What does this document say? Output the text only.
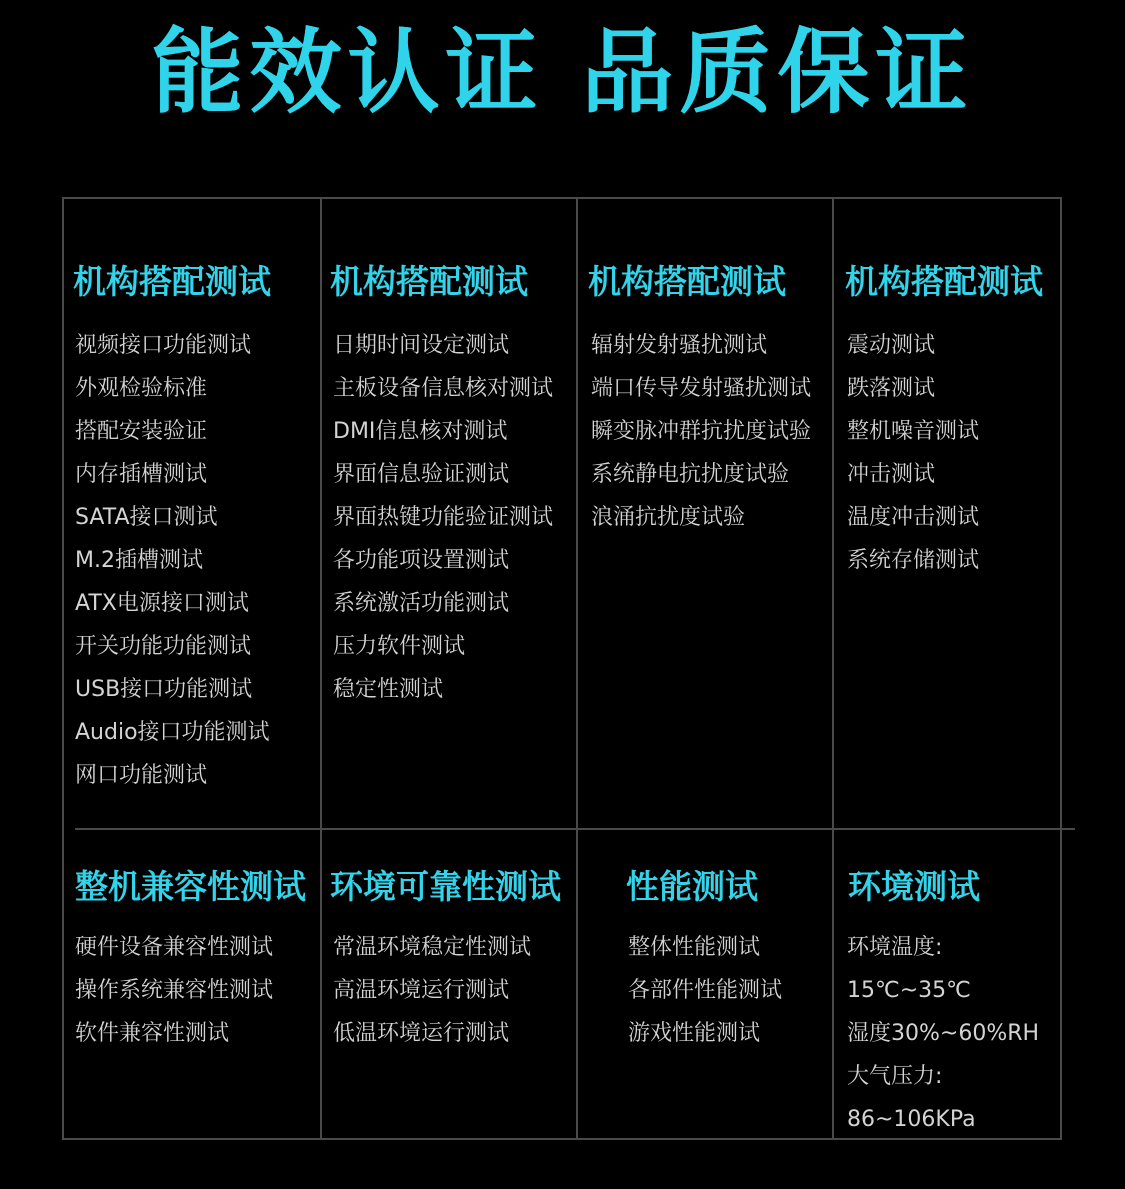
能效认证 品质保证
机构搭配测试
视频接口功能测试
外观检验标准
搭配安装验证
内存插槽测试
SATA接口测试
M.2插槽测试
ATX电源接口测试
开关功能功能测试
USB接口功能测试
Audio接口功能测试
网口功能测试
机构搭配测试
日期时间设定测试
主板设备信息核对测试
DMI信息核对测试
界面信息验证测试
界面热键功能验证测试
各功能项设置测试
系统激活功能测试
压力软件测试
稳定性测试
机构搭配测试
辐射发射骚扰测试
端口传导发射骚扰测试
瞬变脉冲群抗扰度试验
系统静电抗扰度试验
浪涌抗扰度试验
机构搭配测试
震动测试
跌落测试
整机噪音测试
冲击测试
温度冲击测试
系统存储测试
整机兼容性测试
硬件设备兼容性测试
操作系统兼容性测试
软件兼容性测试
环境可靠性测试
常温环境稳定性测试
高温环境运行测试
低温环境运行测试
性能测试
整体性能测试
各部件性能测试
游戏性能测试
环境测试
环境温度:
15℃~35℃
湿度30%~60%RH
大气压力:
86~106KPa
